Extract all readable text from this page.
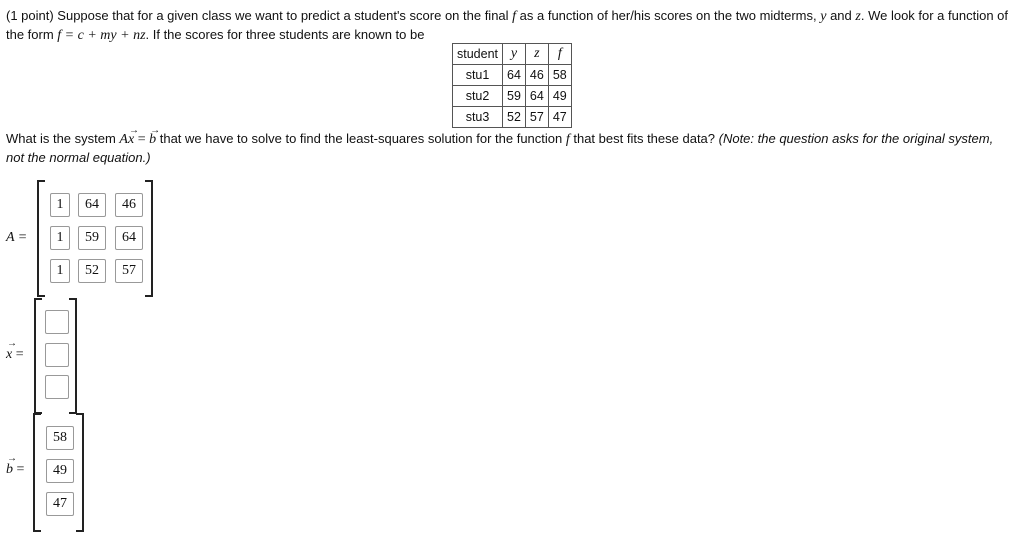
(1 point) Suppose that for a given class we want to predict a student's score on the final f as a function of her/his scores on the two midterms, y and z. We look for a function of
the form f = c + my + nz. If the scores for three students are known to be
student	y	z	f
stu1	64	46	58
stu2	59	64	49
stu3	52	57	47
What is the system A→ x = → b that we have to solve to find the least-squares solution for the function f that best fits these data? (Note: the question asks for the original system,
not the normal equation.)
A =
1	64	46
1	59	64
1	52	57
→ x =
→ b =
58
49
47
